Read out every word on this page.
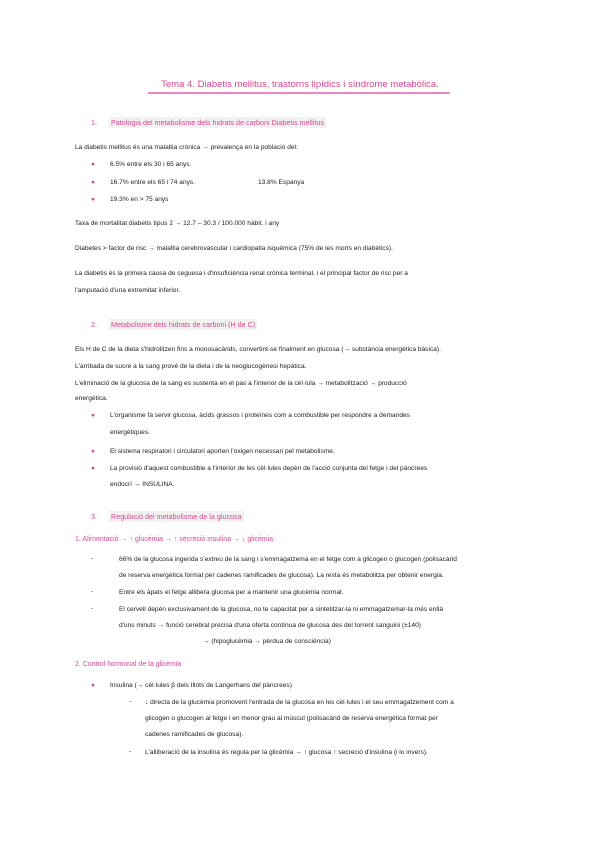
Tema 4. Diabetis mellitus, trastorns lipídics i síndrome metabòlica.
1. Patologia del metabolisme dels hidrats de carboni Diabetis mellitus
La diabetis mellitus és una malaltia crònica → prevalença en la població del:
● 6.5% entre els 30 i 65 anys.
● 16.7% entre els 65 i 74 anys.	13.8% Espanya
● 19.3% en > 75 anys
Taxa de mortalitat diabetis tipus 2 → 12.7 – 30.3 / 100.000 hàbit. i any
Diabetes > factor de risc → malaltia cerebrovascular i cardiopatia isquèmica (75% de les morts en diabètics).
La diabetis és la primera causa de ceguesa i d'insuficiència renal crònica terminal, i el principal factor de risc per a
l'amputació d'una extremitat inferior.
2. Metabolisme dels hidrats de carboni (H de C)
Els H de C de la dieta s'hidrolitzen fins a monosacàrids, convertint-se finalment en glucosa (→ substància energètica bàsica).
L'arribada de sucre a la sang prové de la dieta i de la neoglucogènesi hepàtica.
L'eliminació de la glucosa de la sang es sustenta en el pas a l'interior de la cèl·lula → metabolització → producció
energètica.
● L'organisme fa servir glucosa, àcids grassos i proteïnes com a combustible per respondre a demandes
energètiques.
● El sistema respiratori i circulatori aporten l'oxigen necessari pel metabolisme.
● La provisió d'aquest combustible a l'interior de les cèl·lules depèn de l'acció conjunta del fetge i del pàncrees
endocrí → INSULINA.
3. Regulació del metabolisme de la glucosa
1. Alimentació → ↑ glucèmia → ↑ secreció insulina → ↓ glicèmia
-	66% de la glucosa ingerida s'extreu de la sang i s'emmagatzema en el fetge com a glicogen o glucogen (polisacàrid
de reserva energètica format per cadenes ramificades de glucosa). La resta és metabolitza per obtenir energia.
-	Entre els àpats el fetge allibera glucosa per a mantenir una glucèmia normal.
-	El cervell depèn exclusivament de la glucosa, no te capacitat per a sintetitzar-la ni emmagatzemar-la més enllà
d'uns minuts → funció cerebral precisa d'una oferta contínua de glucosa des del torrent sanguini (±140)
→ (hipoglucèmia → pèrdua de consciència)
2. Control hormonal de la glicèmia
● Insulina (→ cèl·lules β dels Illots de Langerhans del pàncrees)
- ↓ directa de la glucèmia promovent l'entrada de la glucosa en les cèl·lules i el seu emmagatzement com a
glicogen o glucogen al fetge i en menor grau al múscul (polisacàrid de reserva energètica format per
cadenes ramificades de glucosa).
- L'alliberació de la insulina és regula per la glicèmia → ↑ glucosa ↑ secreció d'insulina (i lo invers).
